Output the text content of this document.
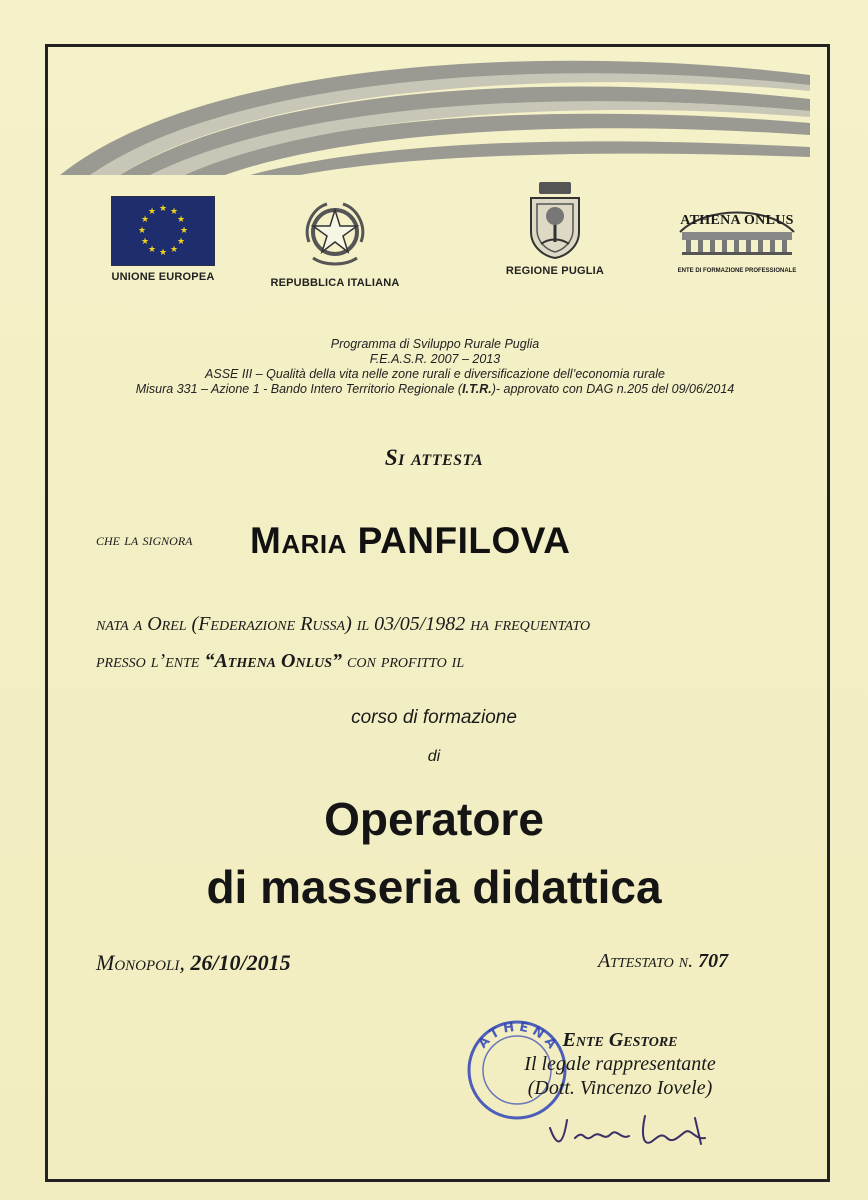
★ ★
★
★
★
★
★
★
★
★
★
★
UNIONE EUROPEA	REPUBBLICA ITALIANA
REGIONE PUGLIA
ATHENA ONLUS
ENTE DI FORMAZIONE PROFESSIONALE
Programma di Sviluppo Rurale Puglia
F.E.A.S.R. 2007 – 2013
ASSE III – Qualità della vita nelle zone rurali e diversificazione dell’economia rurale
Misura 331 – Azione 1 - Bando Intero Territorio Regionale (I.T.R.)- approvato con DAG n.205 del 09/06/2014
Si attesta
che la signora Maria PANFILOVA
nata a Orel (Federazione Russa) il 03/05/1982 ha frequentato
presso l’ente “Athena Onlus” con profitto il
corso di formazione
di
Operatore
di masseria didattica
Monopoli, 26/10/2015	Attestato n. 707
ATHENA Ente Gestore
Il legale rappresentante
(Dott. Vincenzo Iovele)
